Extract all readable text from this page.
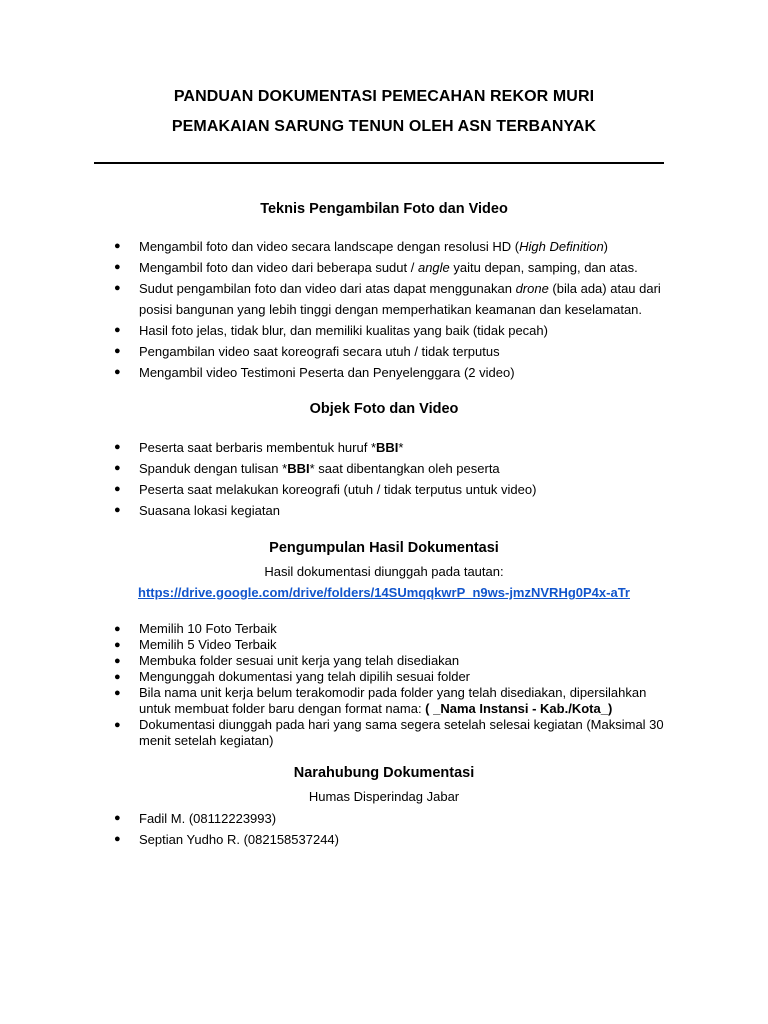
PANDUAN DOKUMENTASI PEMECAHAN REKOR MURI
PEMAKAIAN SARUNG TENUN OLEH ASN TERBANYAK
Teknis Pengambilan Foto dan Video
● Mengambil foto dan video secara landscape dengan resolusi HD (High Definition)
● Mengambil foto dan video dari beberapa sudut / angle yaitu depan, samping, dan atas.
● Sudut pengambilan foto dan video dari atas dapat menggunakan drone (bila ada) atau dari posisi bangunan yang lebih tinggi dengan memperhatikan keamanan dan keselamatan.
● Hasil foto jelas, tidak blur, dan memiliki kualitas yang baik (tidak pecah)
● Pengambilan video saat koreografi secara utuh / tidak terputus
● Mengambil video Testimoni Peserta dan Penyelenggara (2 video)
Objek Foto dan Video
● Peserta saat berbaris membentuk huruf *BBI*
● Spanduk dengan tulisan *BBI* saat dibentangkan oleh peserta
● Peserta saat melakukan koreografi (utuh / tidak terputus untuk video)
● Suasana lokasi kegiatan
Pengumpulan Hasil Dokumentasi
Hasil dokumentasi diunggah pada tautan:
https://drive.google.com/drive/folders/14SUmqqkwrP_n9ws-jmzNVRHg0P4x-aTr
● Memilih 10 Foto Terbaik
● Memilih 5 Video Terbaik
● Membuka folder sesuai unit kerja yang telah disediakan
● Mengunggah dokumentasi yang telah dipilih sesuai folder
● Bila nama unit kerja belum terakomodir pada folder yang telah disediakan, dipersilahkan untuk membuat folder baru dengan format nama: ( _Nama Instansi - Kab./Kota_)
● Dokumentasi diunggah pada hari yang sama segera setelah selesai kegiatan (Maksimal 30 menit setelah kegiatan)
Narahubung Dokumentasi
Humas Disperindag Jabar
● Fadil M. (08112223993)
● Septian Yudho R. (082158537244)
